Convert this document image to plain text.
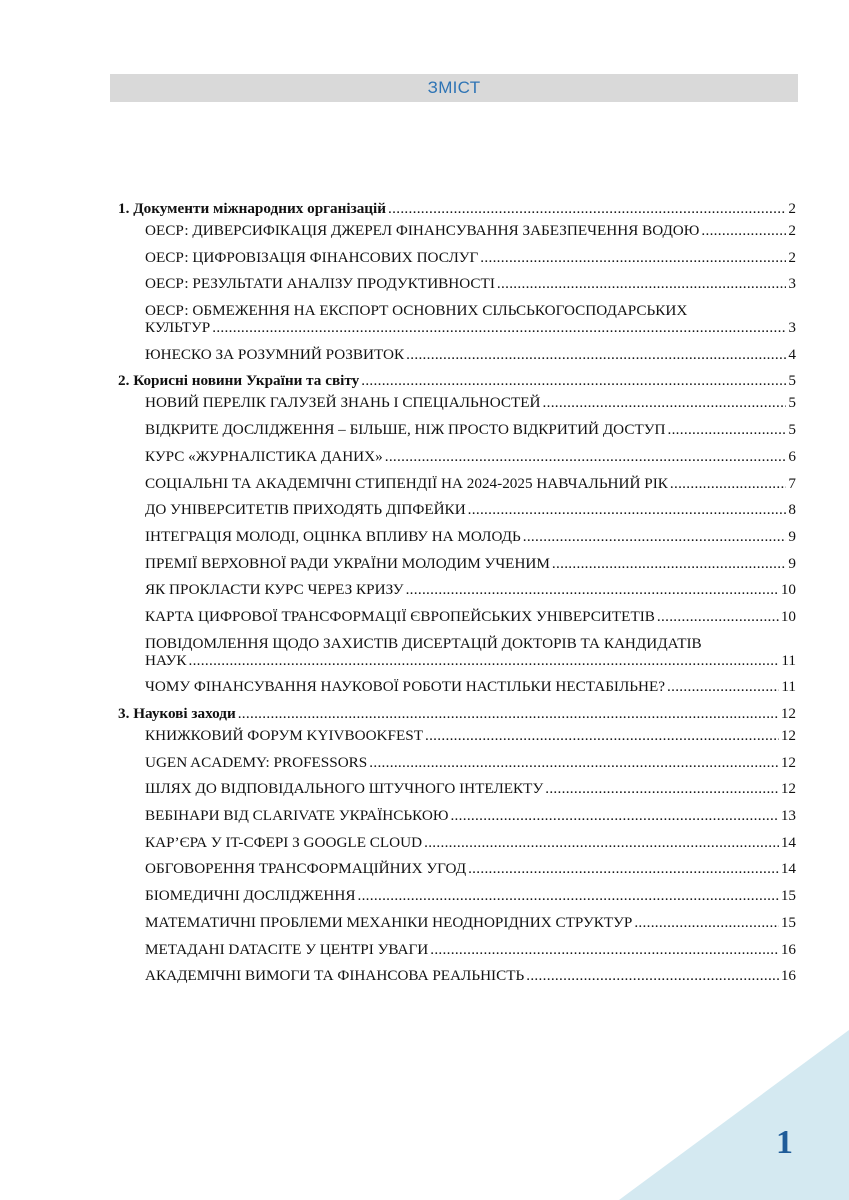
ЗМІСТ
1. Документи міжнародних організацій .....	2
ОЕСР: ДИВЕРСИФІКАЦІЯ ДЖЕРЕЛ ФІНАНСУВАННЯ ЗАБЕЗПЕЧЕННЯ ВОДОЮ .....	2
ОЕСР: ЦИФРОВІЗАЦІЯ ФІНАНСОВИХ ПОСЛУГ .....	2
ОЕСР: РЕЗУЛЬТАТИ АНАЛІЗУ ПРОДУКТИВНОСТІ .....	3
ОЕСР: ОБМЕЖЕННЯ НА ЕКСПОРТ ОСНОВНИХ СІЛЬСЬКОГОСПОДАРСЬКИХ
КУЛЬТУР .....	3
ЮНЕСКО ЗА РОЗУМНИЙ РОЗВИТОК .....	4
2. Корисні новини України та світу .....	5
НОВИЙ ПЕРЕЛІК ГАЛУЗЕЙ ЗНАНЬ І СПЕЦІАЛЬНОСТЕЙ .....	5
ВІДКРИТЕ ДОСЛІДЖЕННЯ – БІЛЬШЕ, НІЖ ПРОСТО ВІДКРИТИЙ ДОСТУП .....	5
КУРС «ЖУРНАЛІСТИКА ДАНИХ» .....	6
СОЦІАЛЬНІ ТА АКАДЕМІЧНІ СТИПЕНДІЇ НА 2024-2025 НАВЧАЛЬНИЙ РІК .....	7
ДО УНІВЕРСИТЕТІВ ПРИХОДЯТЬ ДІПФЕЙКИ .....	8
ІНТЕГРАЦІЯ МОЛОДІ, ОЦІНКА ВПЛИВУ НА МОЛОДЬ .....	9
ПРЕМІЇ ВЕРХОВНОЇ РАДИ УКРАЇНИ МОЛОДИМ УЧЕНИМ .....	9
ЯК ПРОКЛАСТИ КУРС ЧЕРЕЗ КРИЗУ .....	10
КАРТА ЦИФРОВОЇ ТРАНСФОРМАЦІЇ ЄВРОПЕЙСЬКИХ УНІВЕРСИТЕТІВ .....	10
ПОВІДОМЛЕННЯ ЩОДО ЗАХИСТІВ ДИСЕРТАЦІЙ ДОКТОРІВ ТА КАНДИДАТІВ
НАУК .....	11
ЧОМУ ФІНАНСУВАННЯ НАУКОВОЇ РОБОТИ НАСТІЛЬКИ НЕСТАБІЛЬНЕ? .....	11
3. Наукові заходи .....	12
КНИЖКОВИЙ ФОРУМ KYIVBOOKFEST .....	12
UGEN ACADEMY: PROFESSORS .....	12
ШЛЯХ ДО ВІДПОВІДАЛЬНОГО ШТУЧНОГО ІНТЕЛЕКТУ .....	12
ВЕБІНАРИ ВІД CLARIVATE УКРАЇНСЬКОЮ .....	13
КАР’ЄРА У IT-СФЕРІ З GOOGLE CLOUD .....	14
ОБГОВОРЕННЯ ТРАНСФОРМАЦІЙНИХ УГОД .....	14
БІОМЕДИЧНІ ДОСЛІДЖЕННЯ .....	15
МАТЕМАТИЧНІ ПРОБЛЕМИ МЕХАНІКИ НЕОДНОРІДНИХ СТРУКТУР .....	15
МЕТАДАНІ DATACITE У ЦЕНТРІ УВАГИ .....	16
АКАДЕМІЧНІ ВИМОГИ ТА ФІНАНСОВА РЕАЛЬНІСТЬ .....	16
1
